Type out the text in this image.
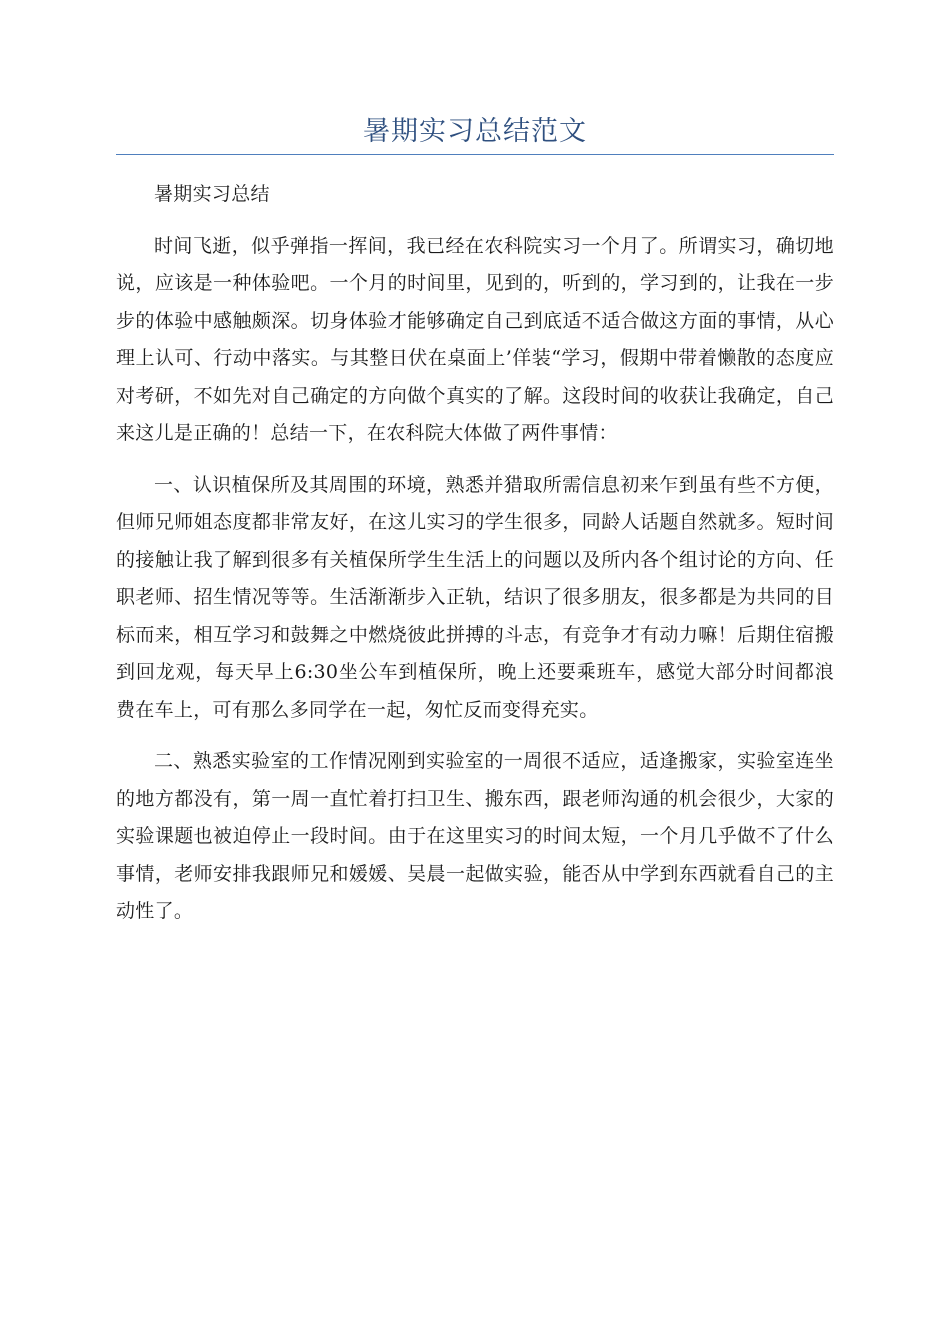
暑期实习总结范文

暑期实习总结

时间飞逝，似乎弹指一挥间，我已经在农科院实习一个月了。所谓实习，确切地说，应该是一种体验吧。一个月的时间里，见到的，听到的，学习到的，让我在一步步的体验中感触颇深。切身体验才能够确定自己到底适不适合做这方面的事情，从心理上认可、行动中落实。与其整日伏在桌面上’佯装“学习，假期中带着懒散的态度应对考研，不如先对自己确定的方向做个真实的了解。这段时间的收获让我确定，自己来这儿是正确的！总结一下，在农科院大体做了两件事情：

一、认识植保所及其周围的环境，熟悉并猎取所需信息初来乍到虽有些不方便，但师兄师姐态度都非常友好，在这儿实习的学生很多，同龄人话题自然就多。短时间的接触让我了解到很多有关植保所学生生活上的问题以及所内各个组讨论的方向、任职老师、招生情况等等。生活渐渐步入正轨，结识了很多朋友，很多都是为共同的目标而来，相互学习和鼓舞之中燃烧彼此拼搏的斗志，有竞争才有动力嘛！后期住宿搬到回龙观，每天早上6:30坐公车到植保所，晚上还要乘班车，感觉大部分时间都浪费在车上，可有那么多同学在一起，匆忙反而变得充实。

二、熟悉实验室的工作情况刚到实验室的一周很不适应，适逢搬家，实验室连坐的地方都没有，第一周一直忙着打扫卫生、搬东西，跟老师沟通的机会很少，大家的实验课题也被迫停止一段时间。由于在这里实习的时间太短，一个月几乎做不了什么事情，老师安排我跟师兄和媛媛、吴晨一起做实验，能否从中学到东西就看自己的主动性了。
